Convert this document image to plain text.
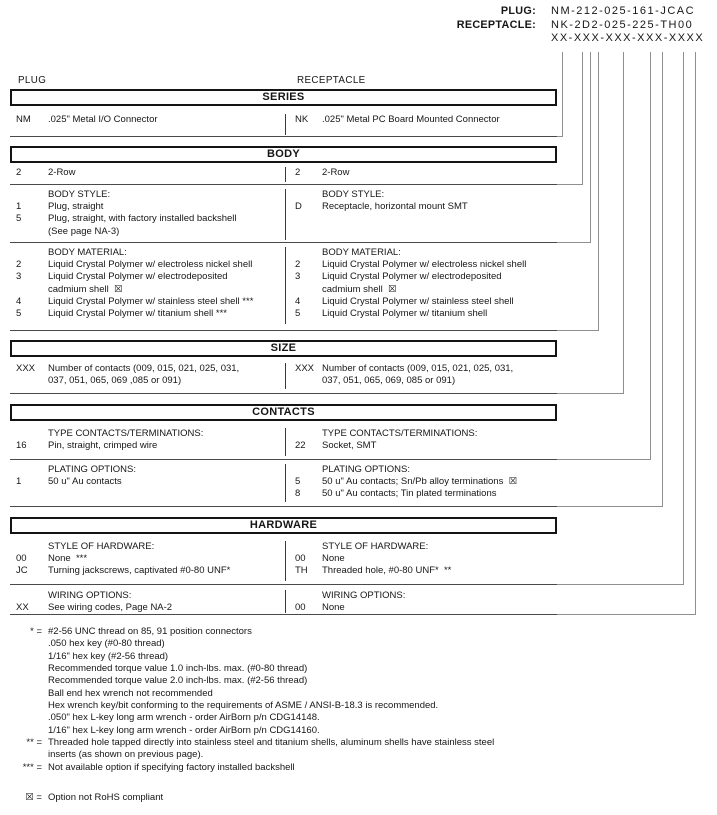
PLUG: NM-212-025-161-JCAC
RECEPTACLE: NK-2D2-025-225-TH00
XX-XXX-XXX-XXX-XXXX
PLUG	RECEPTACLE
SERIES
NM	.025" Metal I/O Connector	NK	.025" Metal PC Board Mounted Connector
BODY
2	2-Row	2	2-Row
BODY STYLE:
1	Plug, straight
5	Plug, straight, with factory installed backshell
(See page NA-3)
BODY STYLE:
D	Receptacle, horizontal mount SMT
BODY MATERIAL:
2	Liquid Crystal Polymer w/ electroless nickel shell
3	Liquid Crystal Polymer w/ electrodeposited
cadmium shell  ☒
4	Liquid Crystal Polymer w/ stainless steel shell ***
5	Liquid Crystal Polymer w/ titanium shell ***
BODY MATERIAL:
2	Liquid Crystal Polymer w/ electroless nickel shell
3	Liquid Crystal Polymer w/ electrodeposited
cadmium shell  ☒
4	Liquid Crystal Polymer w/ stainless steel shell
5	Liquid Crystal Polymer w/ titanium shell
SIZE
XXX	Number of contacts (009, 015, 021, 025, 031,
037, 051, 065, 069 ,085 or 091)
XXX Number of contacts (009, 015, 021, 025, 031,
037, 051, 065, 069, 085 or 091)
CONTACTS
TYPE CONTACTS/TERMINATIONS:
16	Pin, straight, crimped wire
TYPE CONTACTS/TERMINATIONS:
22	Socket, SMT
PLATING OPTIONS:
1	50 u" Au contacts
PLATING OPTIONS:
5	50 u" Au contacts; Sn/Pb alloy terminations  ☒
8	50 u" Au contacts; Tin plated terminations
HARDWARE
STYLE OF HARDWARE:
00	None  ***
JC	Turning jackscrews, captivated #0-80 UNF*
STYLE OF HARDWARE:
00	None
TH	Threaded hole, #0-80 UNF*  **
WIRING OPTIONS:
XX	See wiring codes, Page NA-2
WIRING OPTIONS:
00	None
* = #2-56 UNC thread on 85, 91 position connectors
.050 hex key (#0-80 thread)
1/16" hex key (#2-56 thread)
Recommended torque value 1.0 inch-lbs. max. (#0-80 thread)
Recommended torque value 2.0 inch-lbs. max. (#2-56 thread)
Ball end hex wrench not recommended
Hex wrench key/bit conforming to the requirements of ASME / ANSI-B-18.3 is recommended.
.050" hex L-key long arm wrench - order AirBorn p/n CDG14148.
1/16" hex L-key long arm wrench - order AirBorn p/n CDG14160.
** = Threaded hole tapped directly into stainless steel and titanium shells, aluminum shells have stainless steel
inserts (as shown on previous page).
*** = Not available option if specifying factory installed backshell
☒ = Option not RoHS compliant
